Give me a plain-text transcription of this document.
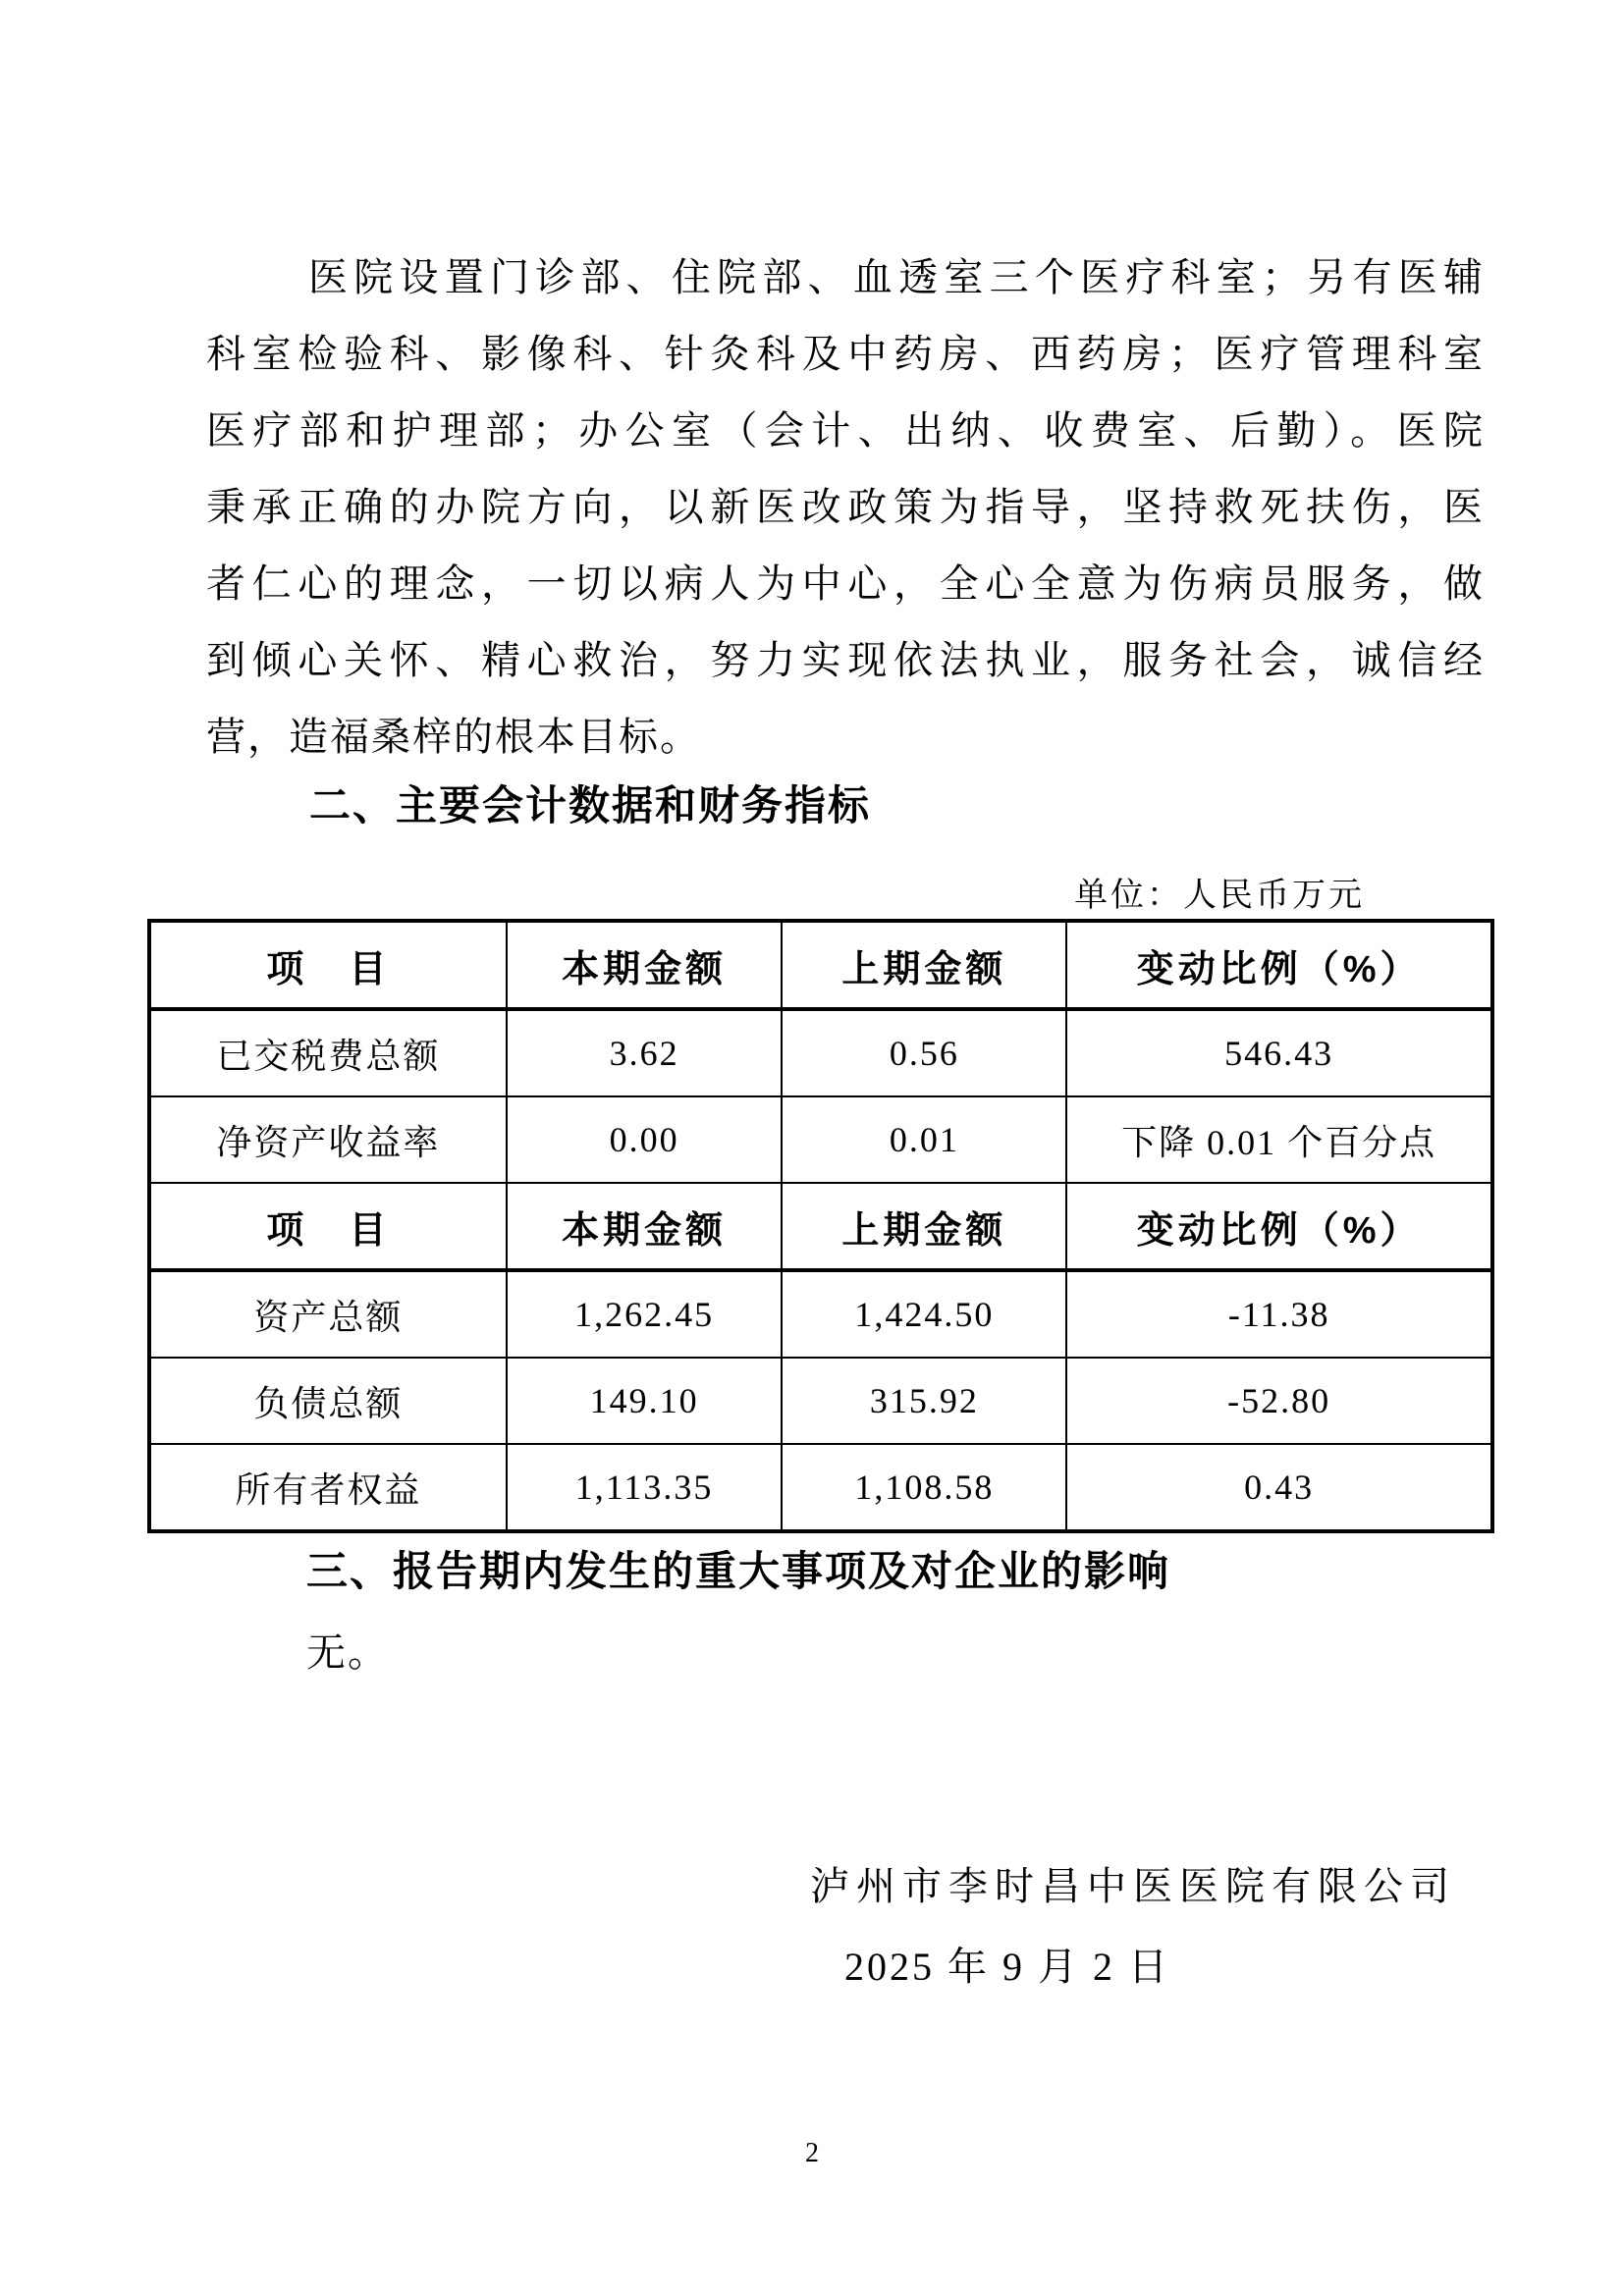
医院设置门诊部、住院部、血透室三个医疗科室；另有医辅
科室检验科、影像科、针灸科及中药房、西药房；医疗管理科室
医疗部和护理部；办公室（会计、出纳、收费室、后勤）。医院
秉承正确的办院方向，以新医改政策为指导，坚持救死扶伤，医
者仁心的理念，一切以病人为中心，全心全意为伤病员服务，做
到倾心关怀、精心救治，努力实现依法执业，服务社会，诚信经
营，造福桑梓的根本目标。
二、主要会计数据和财务指标
单位：人民币万元
项　目	本期金额	上期金额	变动比例（%）
已交税费总额	3.62	0.56	546.43
净资产收益率	0.00	0.01	下降 0.01 个百分点
项　目	本期金额	上期金额	变动比例（%）
资产总额	1,262.45	1,424.50	-11.38
负债总额	149.10	315.92	-52.80
所有者权益	1,113.35	1,108.58	0.43
三、报告期内发生的重大事项及对企业的影响
无。
泸州市李时昌中医医院有限公司
2025 年 9 月 2 日
2
